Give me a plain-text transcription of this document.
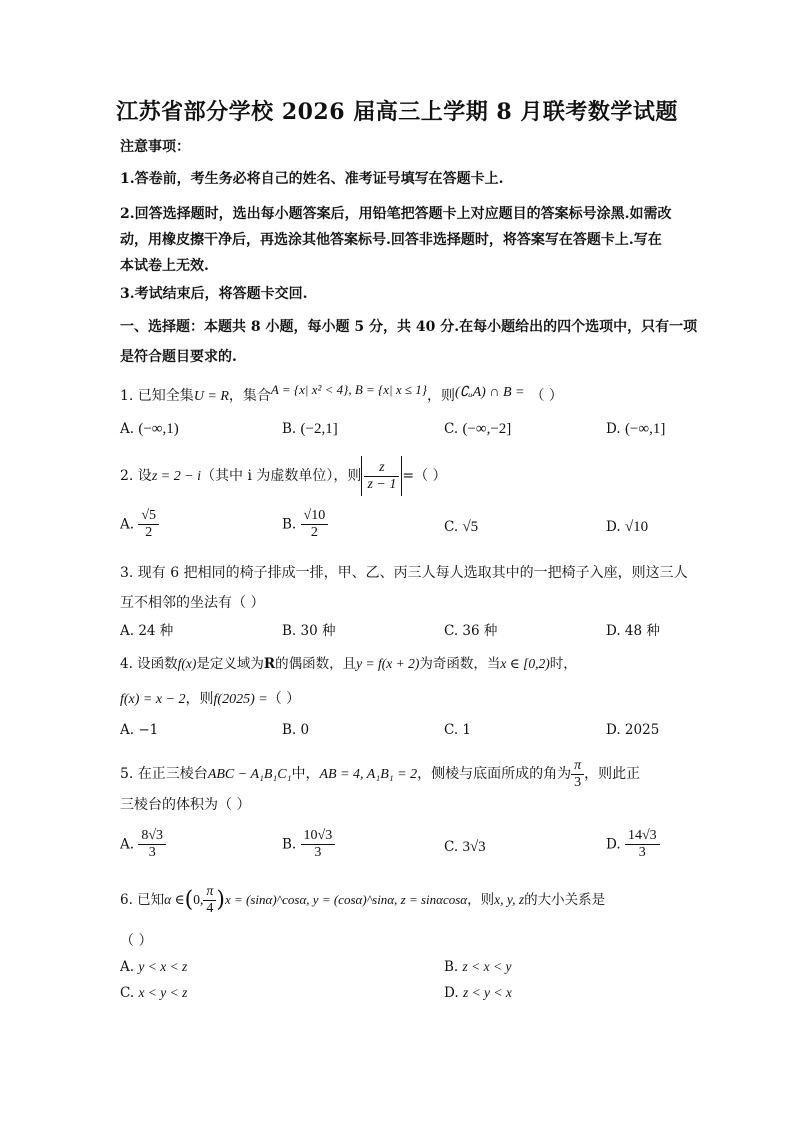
江苏省部分学校 2026 届高三上学期 8 月联考数学试题
注意事项：
1.答卷前，考生务必将自己的姓名、准考证号填写在答题卡上.
2.回答选择题时，选出每小题答案后，用铅笔把答题卡上对应题目的答案标号涂黑.如需改
动，用橡皮擦干净后，再选涂其他答案标号.回答非选择题时，将答案写在答题卡上.写在
本试卷上无效.
3.考试结束后，将答题卡交回.
一、选择题：本题共 8 小题，每小题 5 分，共 40 分.在每小题给出的四个选项中，只有一项
是符合题目要求的.
1. 已知全集U = R，集合A = {x| x² < 4}, B = {x| x ≤ 1}，则(∁ᵤA) ∩ B = （ ）
A. (−∞,1)	B. (−2,1]	C. (−∞,−2]	D. (−∞,1]
2. 设z = 2 − i（其中 i 为虚数单位），则 $\frac{z}{z - 1}$ =（ ）
A. $\frac{√5}{2}$	B. $\frac{√10}{2}$	C. √5	D. √10
3. 现有 6 把相同的椅子排成一排，甲、乙、丙三人每人选取其中的一把椅子入座，则这三人
互不相邻的坐法有（ ）
A. 24 种	B. 30 种	C. 36 种	D. 48 种
4. 设函数f(x)是定义域为R的偶函数，且y = f(x + 2)为奇函数，当x ∈ [0,2)时，
f(x) = x − 2，则f(2025) =（ ）
A. −1	B. 0	C. 1	D. 2025
5. 在正三棱台ABC − A₁B₁C₁中，AB = 4, A₁B₁ = 2，侧棱与底面所成的角为 $\frac{\pi}{3}$ ，则此正
三棱台的体积为（ ）
A. $\frac{8√3}{3}$	B. $\frac{10√3}{3}$	C. 3√3	D. $\frac{14√3}{3}$
6. 已知α ∈(0, $\frac{\pi}{4} )x$ = (sinα)^cosα, y = (cosα)^sinα, z = sinαcosα，则x, y, z的大小关系是
（ ）
A. y < x < z	B. z < x < y
C. x < y < z	D. z < y < x
